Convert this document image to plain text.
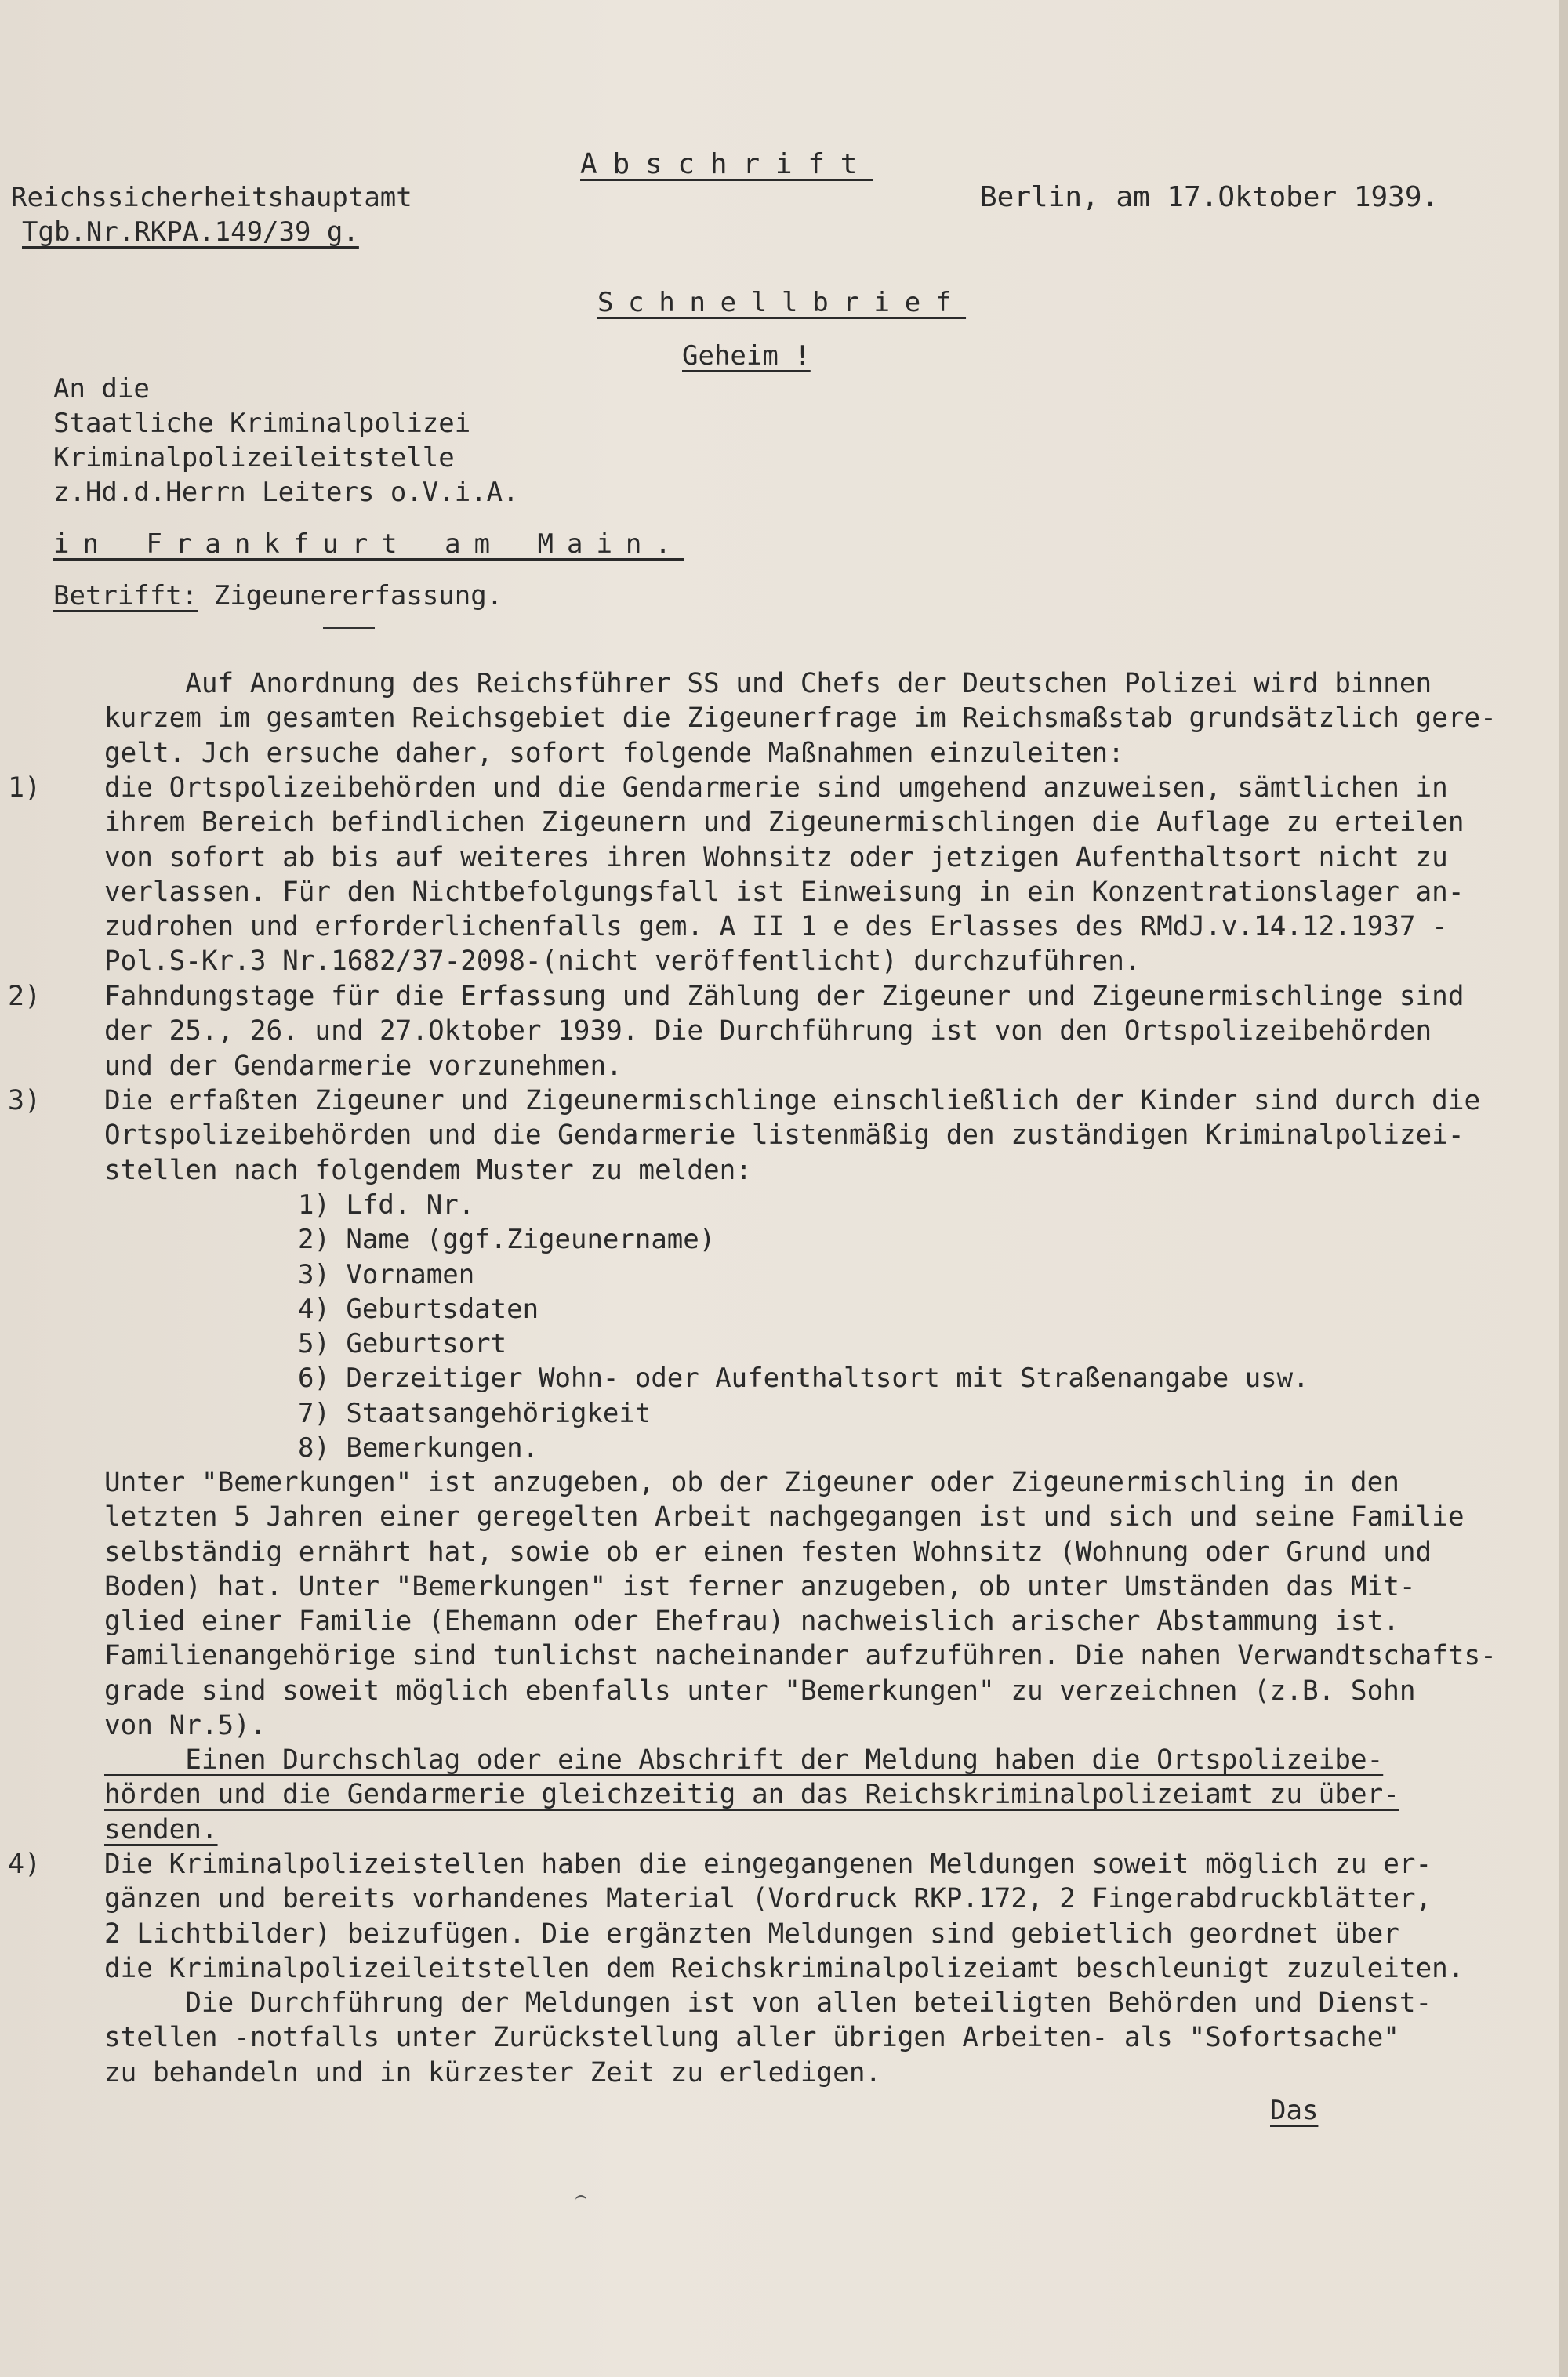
Abschrift
Reichssicherheitshauptamt
Tgb.Nr.RKPA.149/39 g.
Berlin, am 17.Oktober 1939.
Schnellbrief
Geheim !
An die
Staatliche Kriminalpolizei
Kriminalpolizeileitstelle
z.Hd.d.Herrn Leiters o.V.i.A.
in Frankfurt am Main.
Betrifft: Zigeunererfassung.
Auf Anordnung des Reichsführer SS und Chefs der Deutschen Polizei wird binnen
kurzem im gesamten Reichsgebiet die Zigeunerfrage im Reichsmaßstab grundsätzlich gere-
gelt. Jch ersuche daher, sofort folgende Maßnahmen einzuleiten:
1) die Ortspolizeibehörden und die Gendarmerie sind umgehend anzuweisen, sämtlichen in
ihrem Bereich befindlichen Zigeunern und Zigeunermischlingen die Auflage zu erteilen
von sofort ab bis auf weiteres ihren Wohnsitz oder jetzigen Aufenthaltsort nicht zu
verlassen. Für den Nichtbefolgungsfall ist Einweisung in ein Konzentrationslager an-
zudrohen und erforderlichenfalls gem. A II 1 e des Erlasses des RMdJ.v.14.12.1937 -
Pol.S-Kr.3 Nr.1682/37-2098-(nicht veröffentlicht) durchzuführen.
2) Fahndungstage für die Erfassung und Zählung der Zigeuner und Zigeunermischlinge sind
der 25., 26. und 27.Oktober 1939. Die Durchführung ist von den Ortspolizeibehörden
und der Gendarmerie vorzunehmen.
3) Die erfaßten Zigeuner und Zigeunermischlinge einschließlich der Kinder sind durch die
Ortspolizeibehörden und die Gendarmerie listenmäßig den zuständigen Kriminalpolizei-
stellen nach folgendem Muster zu melden:
1) Lfd. Nr.
2) Name (ggf.Zigeunername)
3) Vornamen
4) Geburtsdaten
5) Geburtsort
6) Derzeitiger Wohn- oder Aufenthaltsort mit Straßenangabe usw.
7) Staatsangehörigkeit
8) Bemerkungen.
Unter "Bemerkungen" ist anzugeben, ob der Zigeuner oder Zigeunermischling in den
letzten 5 Jahren einer geregelten Arbeit nachgegangen ist und sich und seine Familie
selbständig ernährt hat, sowie ob er einen festen Wohnsitz (Wohnung oder Grund und
Boden) hat. Unter "Bemerkungen" ist ferner anzugeben, ob unter Umständen das Mit-
glied einer Familie (Ehemann oder Ehefrau) nachweislich arischer Abstammung ist.
Familienangehörige sind tunlichst nacheinander aufzuführen. Die nahen Verwandtschafts-
grade sind soweit möglich ebenfalls unter "Bemerkungen" zu verzeichnen (z.B. Sohn
von Nr.5).
Einen Durchschlag oder eine Abschrift der Meldung haben die Ortspolizeibe-
hörden und die Gendarmerie gleichzeitig an das Reichskriminalpolizeiamt zu über-
senden.
4) Die Kriminalpolizeistellen haben die eingegangenen Meldungen soweit möglich zu er-
gänzen und bereits vorhandenes Material (Vordruck RKP.172, 2 Fingerabdruckblätter,
2 Lichtbilder) beizufügen. Die ergänzten Meldungen sind gebietlich geordnet über
die Kriminalpolizeileitstellen dem Reichskriminalpolizeiamt beschleunigt zuzuleiten.
Die Durchführung der Meldungen ist von allen beteiligten Behörden und Dienst-
stellen -notfalls unter Zurückstellung aller übrigen Arbeiten- als "Sofortsache"
zu behandeln und in kürzester Zeit zu erledigen.
Das
